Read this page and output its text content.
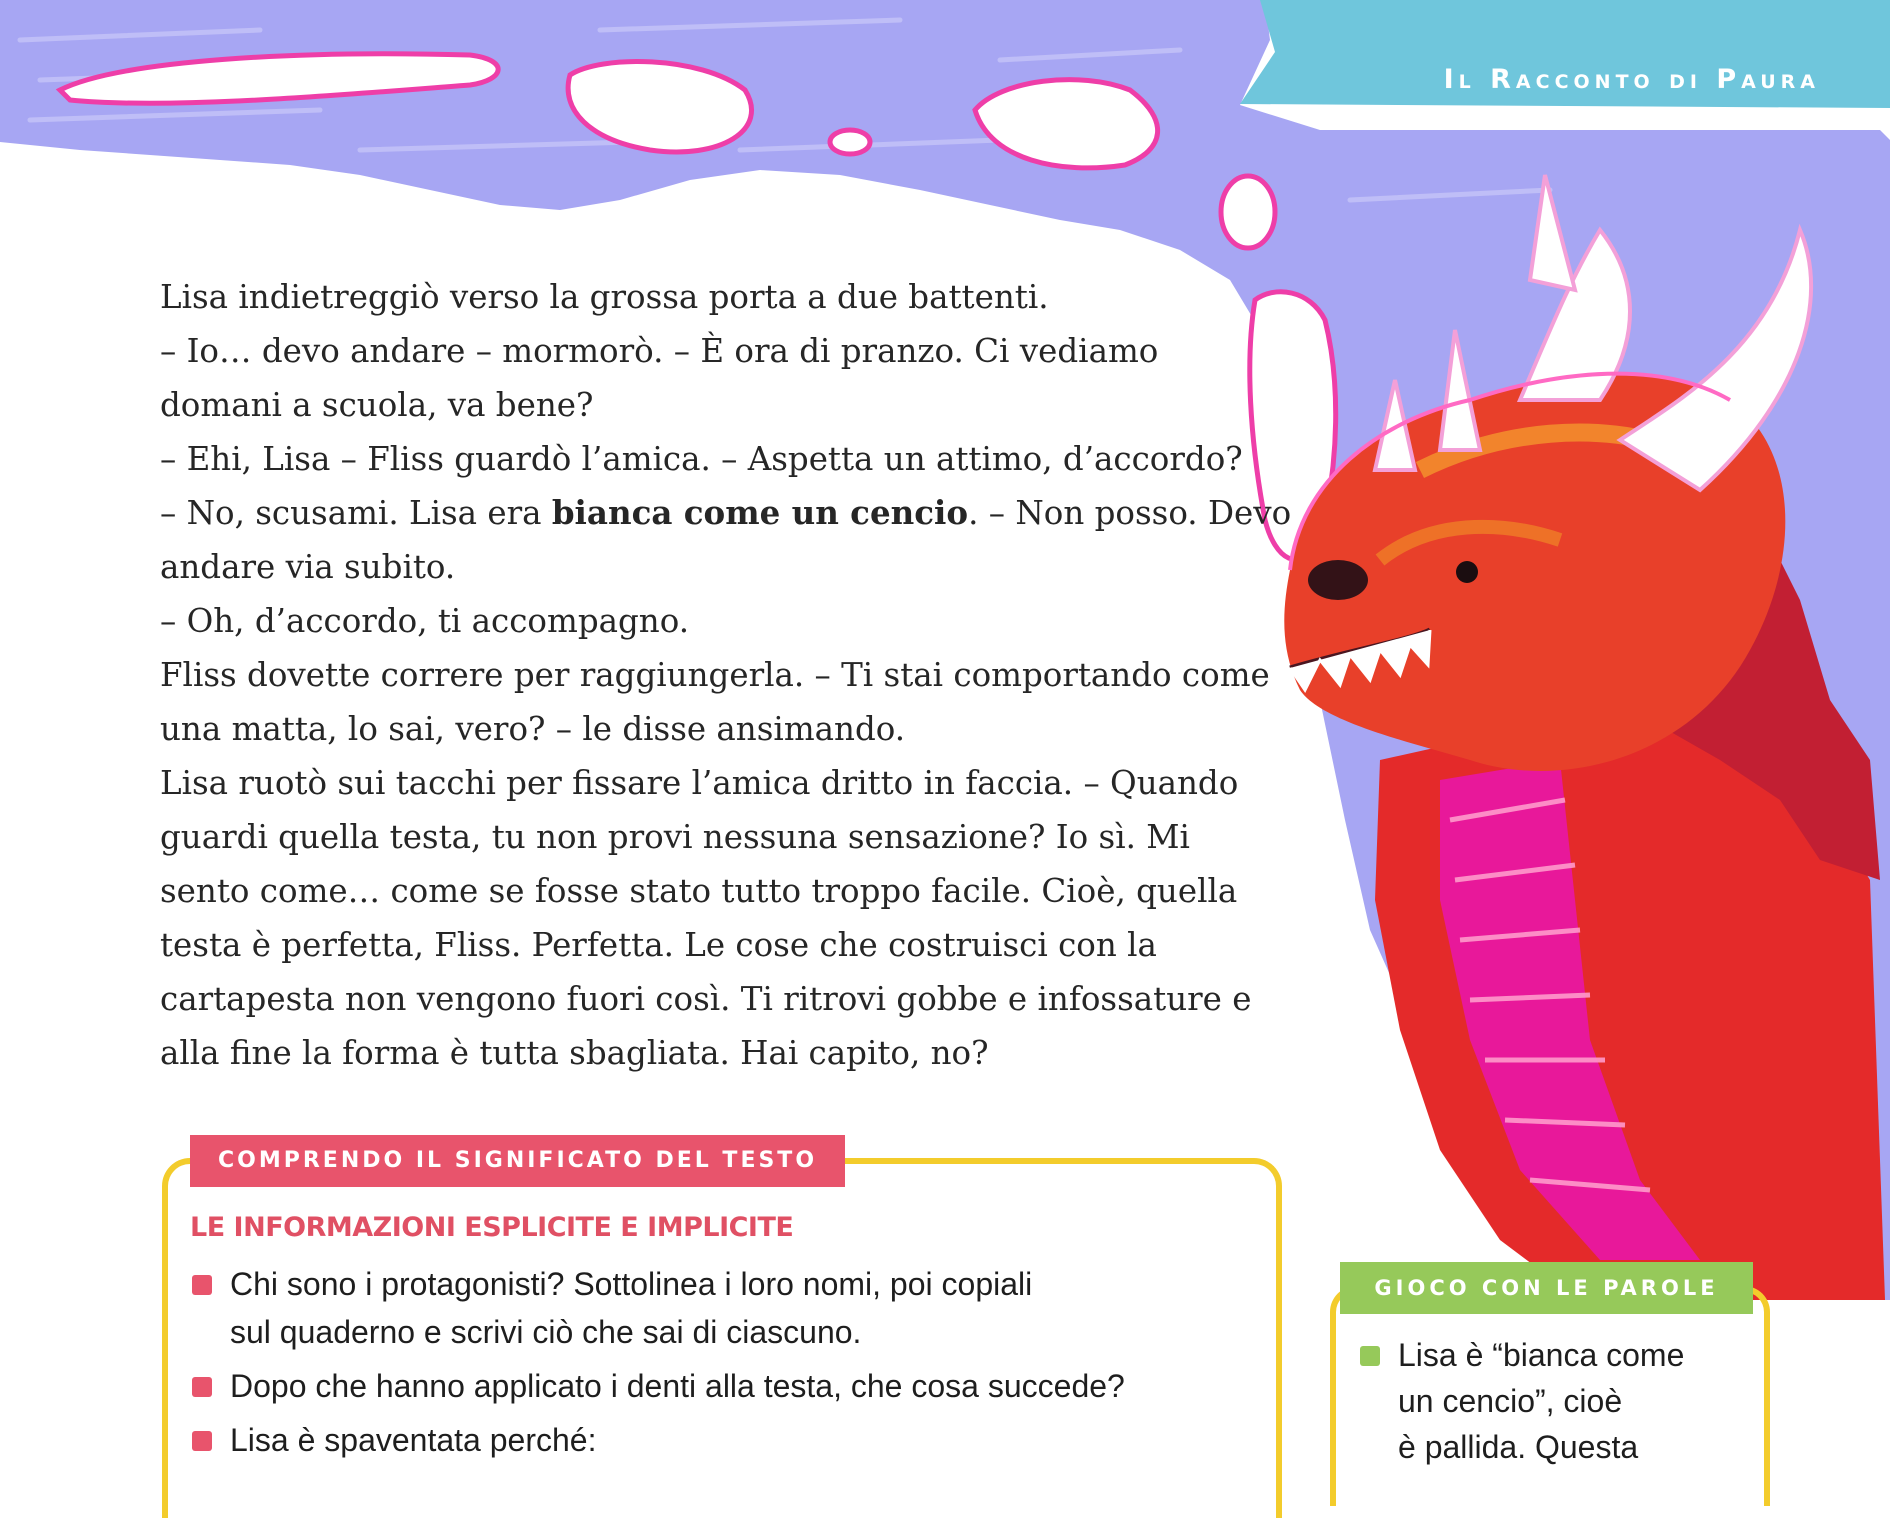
Il Racconto di Paura

Lisa indietreggiò verso la grossa porta a due battenti.

– Io… devo andare – mormorò. – È ora di pranzo. Ci vediamo

domani a scuola, va bene?

– Ehi, Lisa – Fliss guardò l’amica. – Aspetta un attimo, d’accordo?

– No, scusami. Lisa era bianca come un cencio. – Non posso. Devo

andare via subito.

– Oh, d’accordo, ti accompagno.

Fliss dovette correre per raggiungerla. – Ti stai comportando come

una matta, lo sai, vero? – le disse ansimando.

Lisa ruotò sui tacchi per fissare l’amica dritto in faccia. – Quando

guardi quella testa, tu non provi nessuna sensazione? Io sì. Mi

sento come… come se fosse stato tutto troppo facile. Cioè, quella

testa è perfetta, Fliss. Perfetta. Le cose che costruisci con la

cartapesta non vengono fuori così. Ti ritrovi gobbe e infossature e

alla fine la forma è tutta sbagliata. Hai capito, no?

COMPRENDO IL SIGNIFICATO DEL TESTO
LE INFORMAZIONI ESPLICITE E IMPLICITE
Chi sono i protagonisti? Sottolinea i loro nomi, poi copiali
sul quaderno e scrivi ciò che sai di ciascuno.
Dopo che hanno applicato i denti alla testa, che cosa succede?
Lisa è spaventata perché:
GIOCO CON LE PAROLE
Lisa è “bianca come
un cencio”, cioè
è pallida. Questa
